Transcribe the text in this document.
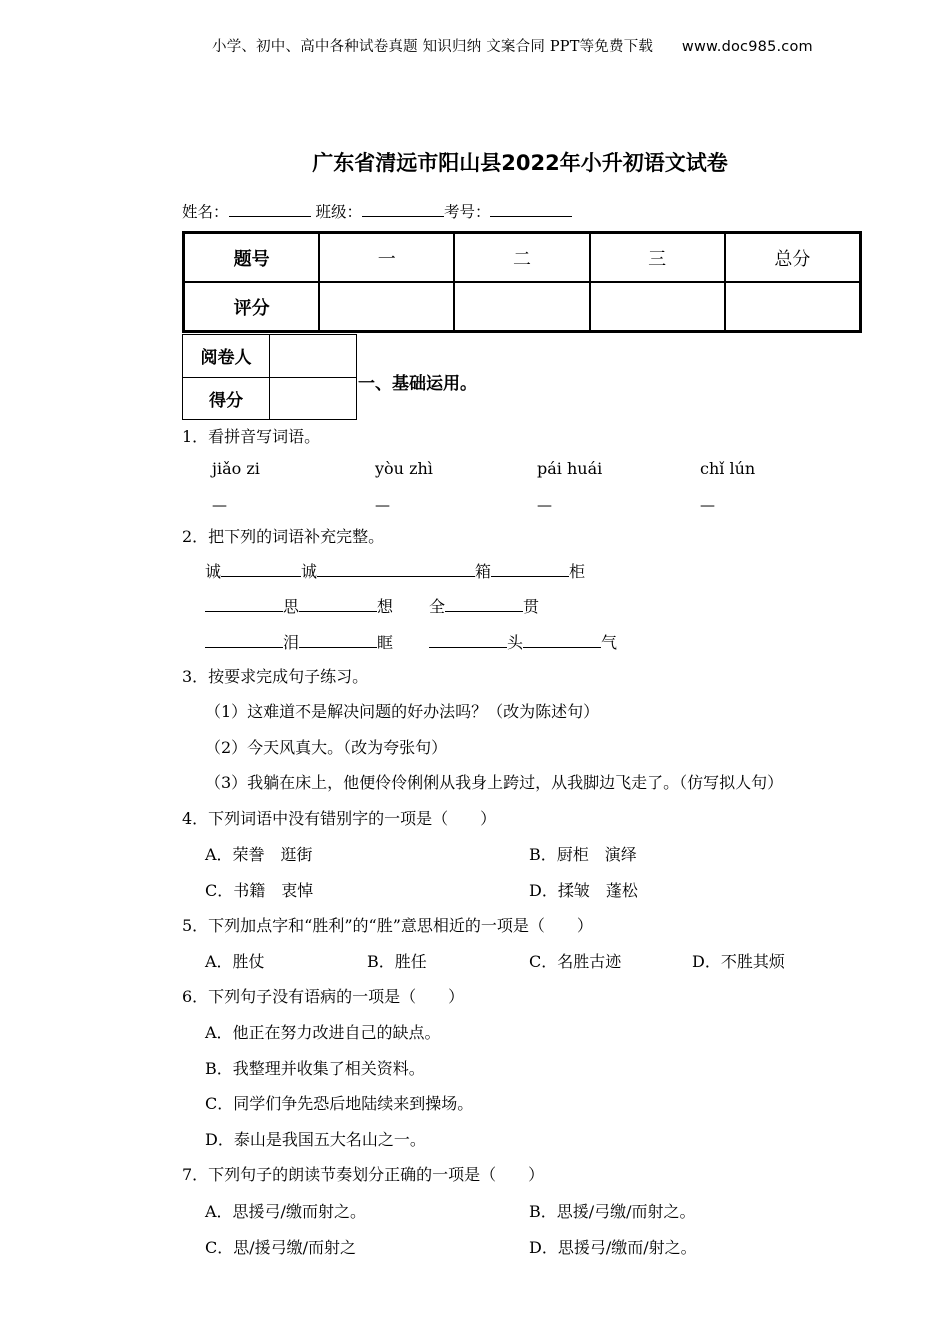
小学、初中、高中各种试卷真题 知识归纳 文案合同 PPT等免费下载 www.doc985.com
广东省清远市阳山县2022年小升初语文试卷
姓名：	班级：	考号：
题号	一	二	三	总分
评分				
阅卷人	
得分	
一、基础运用。
1．看拼音写词语。
jiǎo zi	yòu zhì	pái huái	chǐ lún
—	—	—	—
2．把下列的词语补充完整。
诚	诚	箱	柜
思	想 全	贯
泪	眶	头	气
3．按要求完成句子练习。
（1）这难道不是解决问题的好办法吗？（改为陈述句）
（2）今天风真大。（改为夸张句）
（3）我躺在床上，他便伶伶俐俐从我身上跨过，从我脚边飞走了。（仿写拟人句）
4．下列词语中没有错别字的一项是（　　）
A．荣誊　逛街	B．厨柜　演绎
C．书籍　衷悼	D．揉皱　蓬松
5．下列加点字和“胜利”的“胜”意思相近的一项是（　　）
A．胜仗	B．胜任	C．名胜古迹	D．不胜其烦
6．下列句子没有语病的一项是（　　）
A．他正在努力改进自己的缺点。
B．我整理并收集了相关资料。
C．同学们争先恐后地陆续来到操场。
D．泰山是我国五大名山之一。
7．下列句子的朗读节奏划分正确的一项是（　　）
A．思援弓/缴而射之。	B．思援/弓缴/而射之。
C．思/援弓缴/而射之	D．思援弓/缴而/射之。
